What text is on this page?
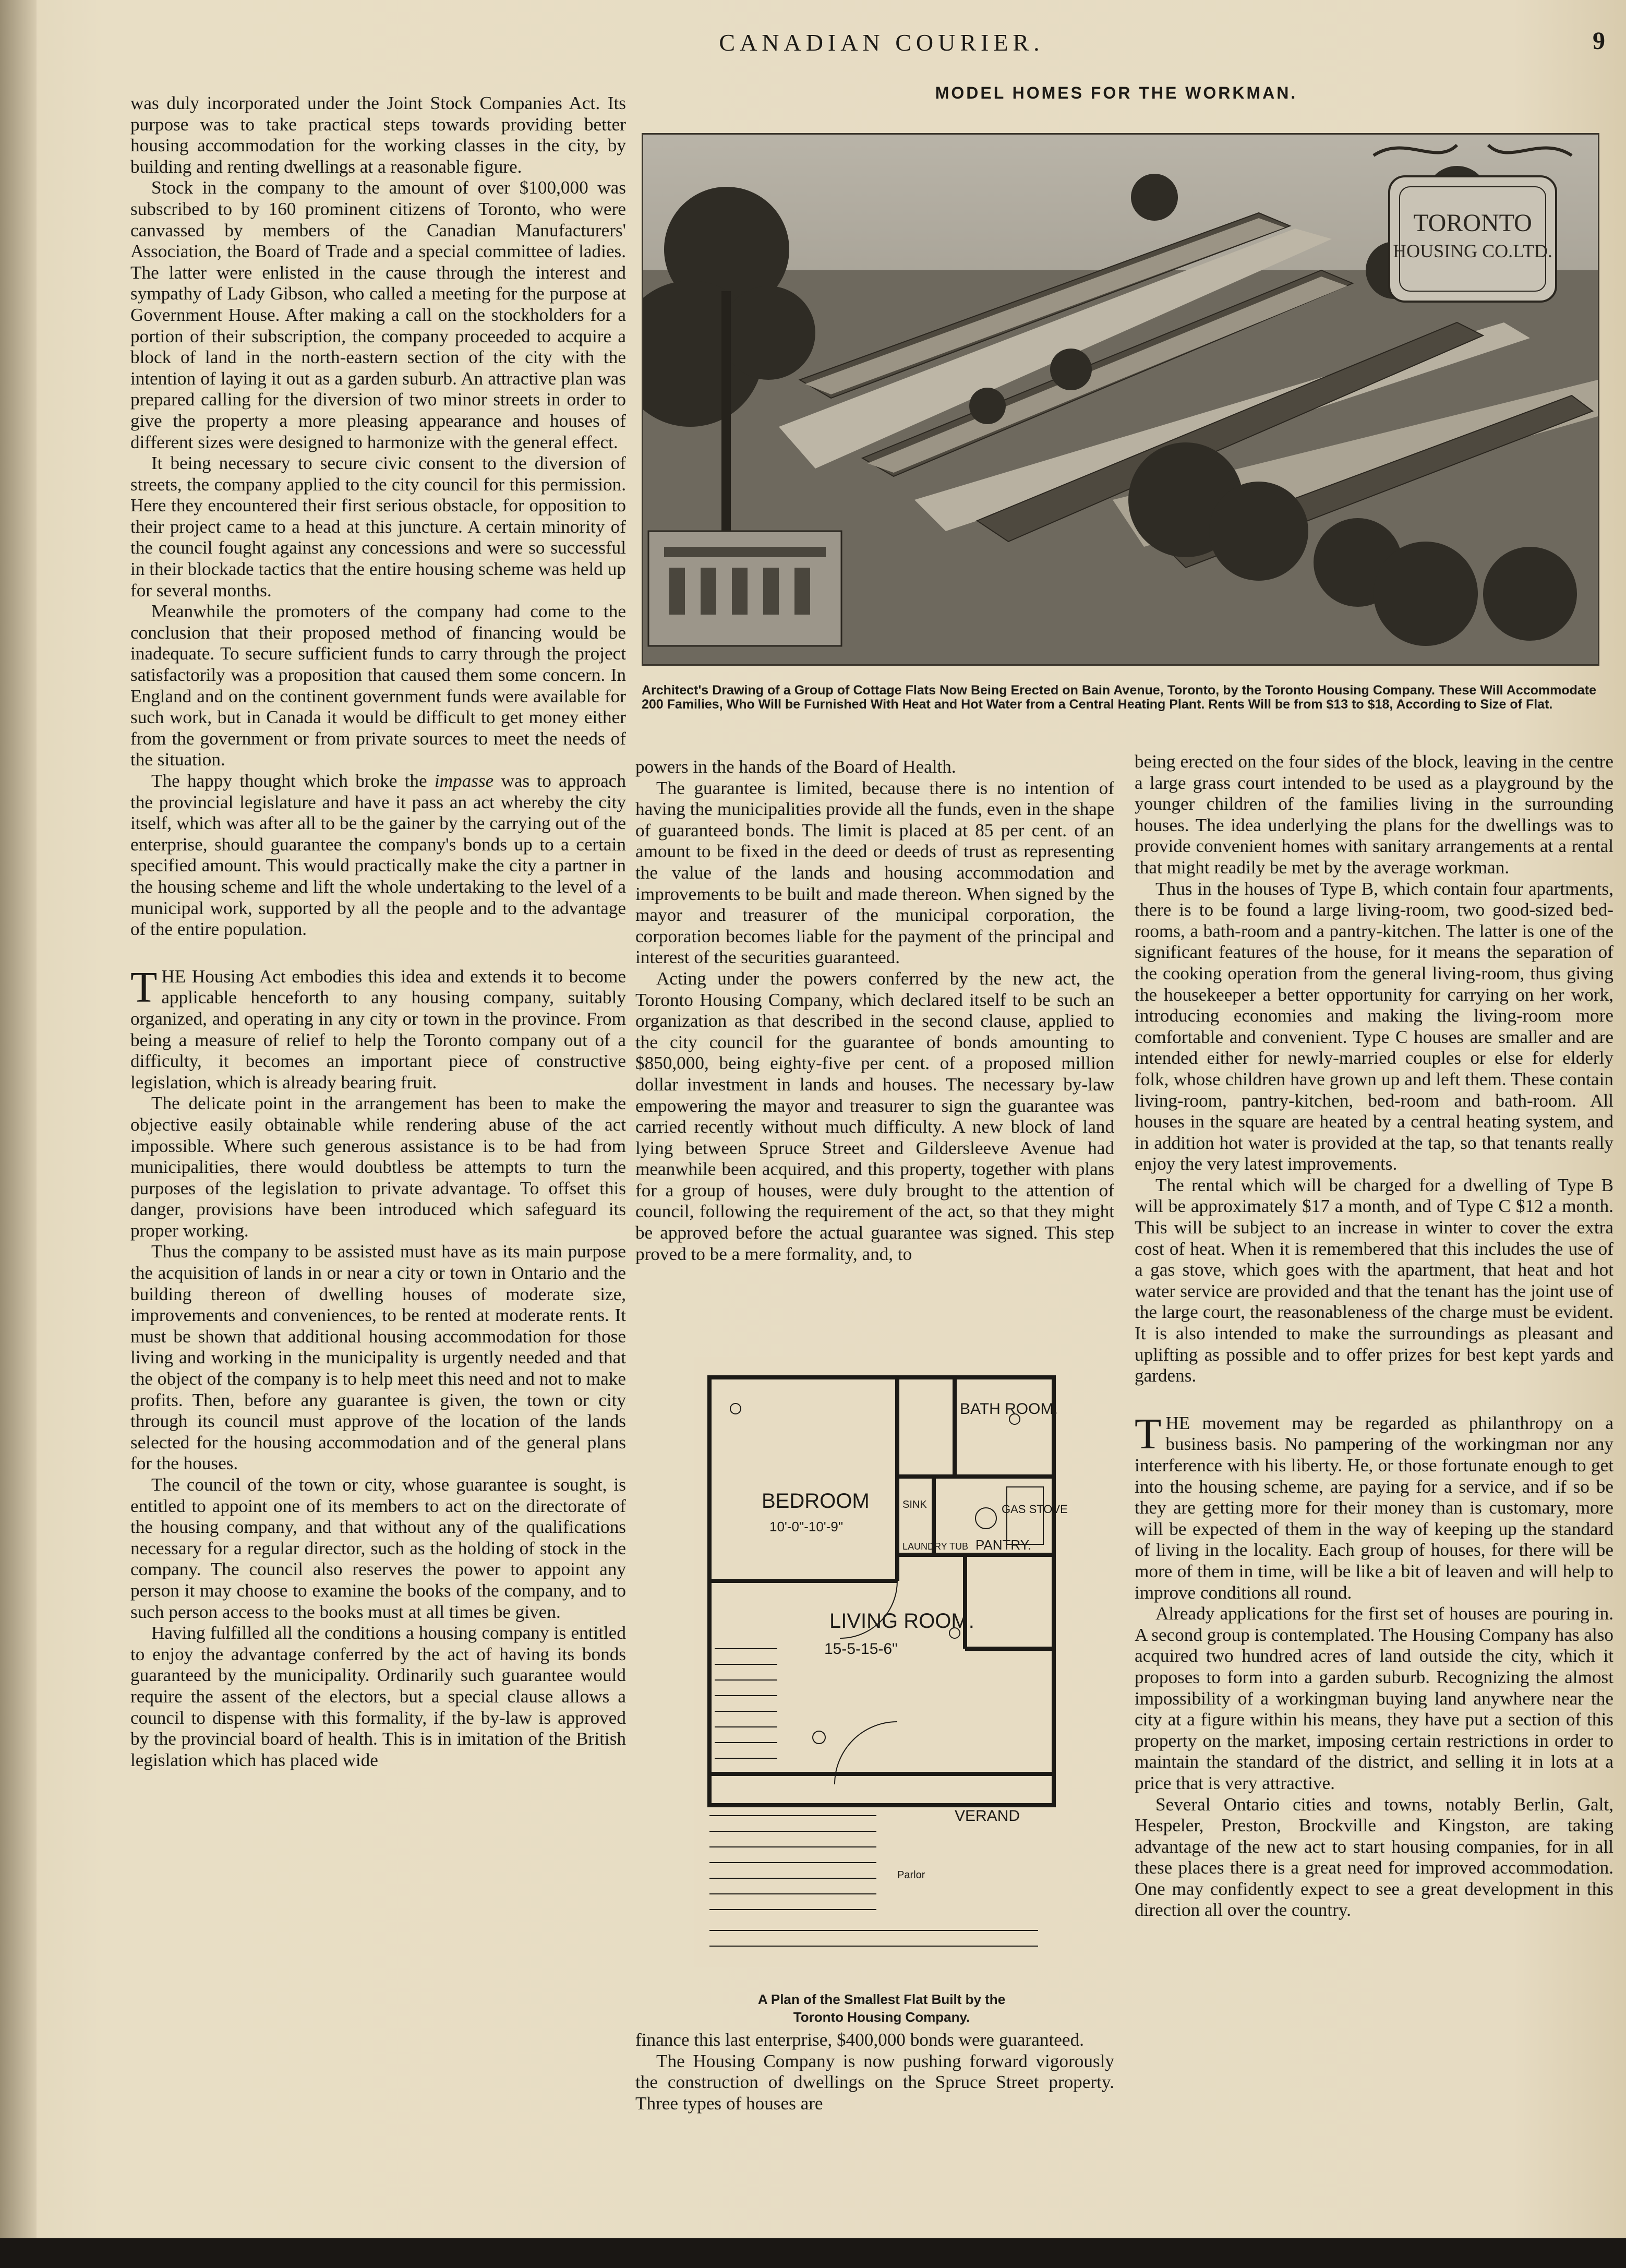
CANADIAN COURIER.	9

was duly incorporated under the Joint Stock Companies Act. Its purpose was to take practical steps towards providing better housing accommodation for the working classes in the city, by building and renting dwellings at a reasonable figure.

Stock in the company to the amount of over $100,000 was subscribed to by 160 prominent citizens of Toronto, who were canvassed by members of the Canadian Manufacturers' Association, the Board of Trade and a special committee of ladies. The latter were enlisted in the cause through the interest and sympathy of Lady Gibson, who called a meeting for the purpose at Government House. After making a call on the stockholders for a portion of their subscription, the company proceeded to acquire a block of land in the north-eastern section of the city with the intention of laying it out as a garden suburb. An attractive plan was prepared calling for the diversion of two minor streets in order to give the property a more pleasing appearance and houses of different sizes were designed to harmonize with the general effect.

It being necessary to secure civic consent to the diversion of streets, the company applied to the city council for this permission. Here they encountered their first serious obstacle, for opposition to their project came to a head at this juncture. A certain minority of the council fought against any concessions and were so successful in their blockade tactics that the entire housing scheme was held up for several months.

Meanwhile the promoters of the company had come to the conclusion that their proposed method of financing would be inadequate. To secure sufficient funds to carry through the project satisfactorily was a proposition that caused them some concern. In England and on the continent government funds were available for such work, but in Canada it would be difficult to get money either from the government or from private sources to meet the needs of the situation.

The happy thought which broke the impasse was to approach the provincial legislature and have it pass an act whereby the city itself, which was after all to be the gainer by the carrying out of the enterprise, should guarantee the company's bonds up to a certain specified amount. This would practically make the city a partner in the housing scheme and lift the whole undertaking to the level of a municipal work, supported by all the people and to the advantage of the entire population.

THE Housing Act embodies this idea and extends it to become applicable henceforth to any housing company, suitably organized, and operating in any city or town in the province. From being a measure of relief to help the Toronto company out of a difficulty, it becomes an important piece of constructive legislation, which is already bearing fruit.

The delicate point in the arrangement has been to make the objective easily obtainable while rendering abuse of the act impossible. Where such generous assistance is to be had from municipalities, there would doubtless be attempts to turn the purposes of the legislation to private advantage. To offset this danger, provisions have been introduced which safeguard its proper working.

Thus the company to be assisted must have as its main purpose the acquisition of lands in or near a city or town in Ontario and the building thereon of dwelling houses of moderate size, improvements and conveniences, to be rented at moderate rents. It must be shown that additional housing accommodation for those living and working in the municipality is urgently needed and that the object of the company is to help meet this need and not to make profits. Then, before any guarantee is given, the town or city through its council must approve of the location of the lands selected for the housing accommodation and of the general plans for the houses.

The council of the town or city, whose guarantee is sought, is entitled to appoint one of its members to act on the directorate of the housing company, and that without any of the qualifications necessary for a regular director, such as the holding of stock in the company. The council also reserves the power to appoint any person it may choose to examine the books of the company, and to such person access to the books must at all times be given.

Having fulfilled all the conditions a housing company is entitled to enjoy the advantage conferred by the act of having its bonds guaranteed by the municipality. Ordinarily such guarantee would require the assent of the electors, but a special clause allows a council to dispense with this formality, if the by-law is approved by the provincial board of health. This is in imitation of the British legislation which has placed wide

MODEL HOMES FOR THE WORKMAN.
TORONTO
HOUSING CO.LTD.
Architect's Drawing of a Group of Cottage Flats Now Being Erected on Bain Avenue, Toronto, by the Toronto Housing Company. These Will Accommodate 200 Families, Who Will be Furnished With Heat and Hot Water from a Central Heating Plant. Rents Will be from $13 to $18, According to Size of Flat.

powers in the hands of the Board of Health.

The guarantee is limited, because there is no intention of having the municipalities provide all the funds, even in the shape of guaranteed bonds. The limit is placed at 85 per cent. of an amount to be fixed in the deed or deeds of trust as representing the value of the lands and housing accommodation and improvements to be built and made thereon. When signed by the mayor and treasurer of the municipal corporation, the corporation becomes liable for the payment of the principal and interest of the securities guaranteed.

Acting under the powers conferred by the new act, the Toronto Housing Company, which declared itself to be such an organization as that described in the second clause, applied to the city council for the guarantee of bonds amounting to $850,000, being eighty-five per cent. of a proposed million dollar investment in lands and houses. The necessary by-law empowering the mayor and treasurer to sign the guarantee was carried recently without much difficulty. A new block of land lying between Spruce Street and Gildersleeve Avenue had meanwhile been acquired, and this property, together with plans for a group of houses, were duly brought to the attention of council, following the requirement of the act, so that they might be approved before the actual guarantee was signed. This step proved to be a mere formality, and, to

BATH ROOM.
BEDROOM
10'-0"-10'-9"
GAS STOVE
SINK
LAUNDRY TUB PANTRY.
LIVING ROOM.
15-5-15-6"
VERAND
Parlor
A Plan of the Smallest Flat Built by the
Toronto Housing Company.

finance this last enterprise, $400,000 bonds were guaranteed.

The Housing Company is now pushing forward vigorously the construction of dwellings on the Spruce Street property. Three types of houses are

being erected on the four sides of the block, leaving in the centre a large grass court intended to be used as a playground by the younger children of the families living in the surrounding houses. The idea underlying the plans for the dwellings was to provide convenient homes with sanitary arrangements at a rental that might readily be met by the average workman.

Thus in the houses of Type B, which contain four apartments, there is to be found a large living-room, two good-sized bed-rooms, a bath-room and a pantry-kitchen. The latter is one of the significant features of the house, for it means the separation of the cooking operation from the general living-room, thus giving the housekeeper a better opportunity for carrying on her work, introducing economies and making the living-room more comfortable and convenient. Type C houses are smaller and are intended either for newly-married couples or else for elderly folk, whose children have grown up and left them. These contain living-room, pantry-kitchen, bed-room and bath-room. All houses in the square are heated by a central heating system, and in addition hot water is provided at the tap, so that tenants really enjoy the very latest improvements.

The rental which will be charged for a dwelling of Type B will be approximately $17 a month, and of Type C $12 a month. This will be subject to an increase in winter to cover the extra cost of heat. When it is remembered that this includes the use of a gas stove, which goes with the apartment, that heat and hot water service are provided and that the tenant has the joint use of the large court, the reasonableness of the charge must be evident. It is also intended to make the surroundings as pleasant and uplifting as possible and to offer prizes for best kept yards and gardens.

THE movement may be regarded as philanthropy on a business basis. No pampering of the workingman nor any interference with his liberty. He, or those fortunate enough to get into the housing scheme, are paying for a service, and if so be they are getting more for their money than is customary, more will be expected of them in the way of keeping up the standard of living in the locality. Each group of houses, for there will be more of them in time, will be like a bit of leaven and will help to improve conditions all round.

Already applications for the first set of houses are pouring in. A second group is contemplated. The Housing Company has also acquired two hundred acres of land outside the city, which it proposes to form into a garden suburb. Recognizing the almost impossibility of a workingman buying land anywhere near the city at a figure within his means, they have put a section of this property on the market, imposing certain restrictions in order to maintain the standard of the district, and selling it in lots at a price that is very attractive.

Several Ontario cities and towns, notably Berlin, Galt, Hespeler, Preston, Brockville and Kingston, are taking advantage of the new act to start housing companies, for in all these places there is a great need for improved accommodation. One may confidently expect to see a great development in this direction all over the country.
